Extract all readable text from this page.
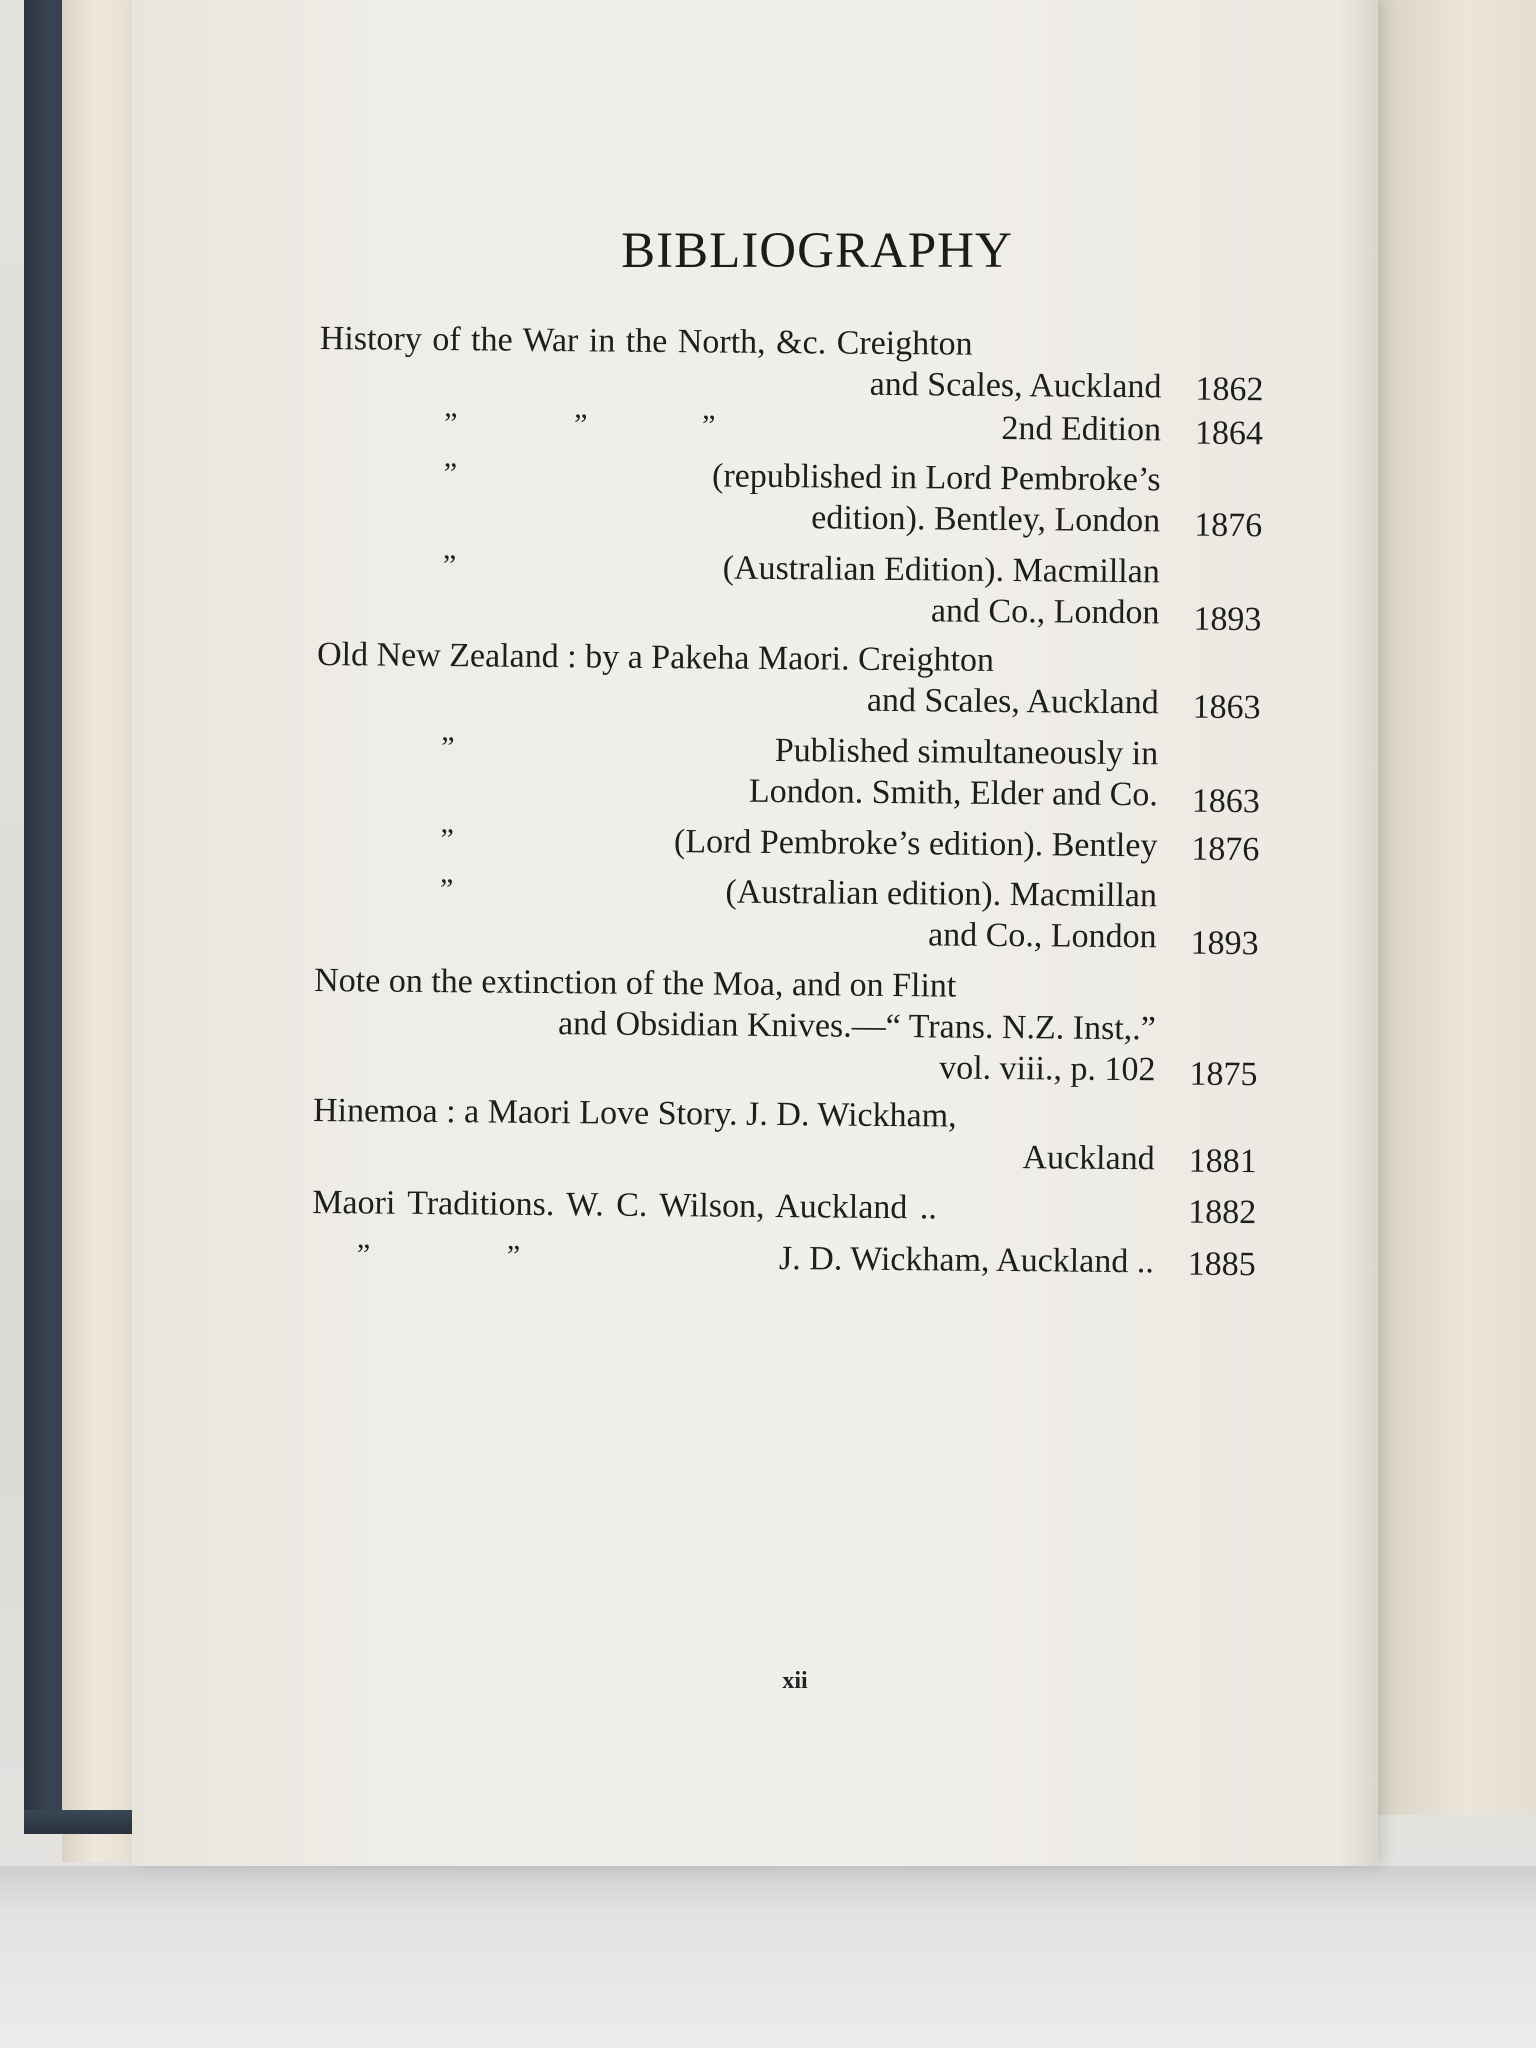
BIBLIOGRAPHY
History of the War in the North, &c. Creighton
and Scales, Auckland 1862
”	”	”	2nd Edition 1864
”	(republished in Lord Pembroke’s
edition). Bentley, London 1876
”	(Australian Edition). Macmillan
and Co., London 1893
Old New Zealand : by a Pakeha Maori. Creighton
and Scales, Auckland 1863
”	Published simultaneously in
London. Smith, Elder and Co. 1863
”	(Lord Pembroke’s edition). Bentley 1876
”	(Australian edition). Macmillan
and Co., London 1893
Note on the extinction of the Moa, and on Flint
and Obsidian Knives.—“ Trans. N.Z. Inst,.”
vol. viii., p. 102 1875
Hinemoa : a Maori Love Story. J. D. Wickham,
Auckland 1881
Maori Traditions. W. C. Wilson, Auckland ..	1882
”	”	J. D. Wickham, Auckland .. 1885
xii
